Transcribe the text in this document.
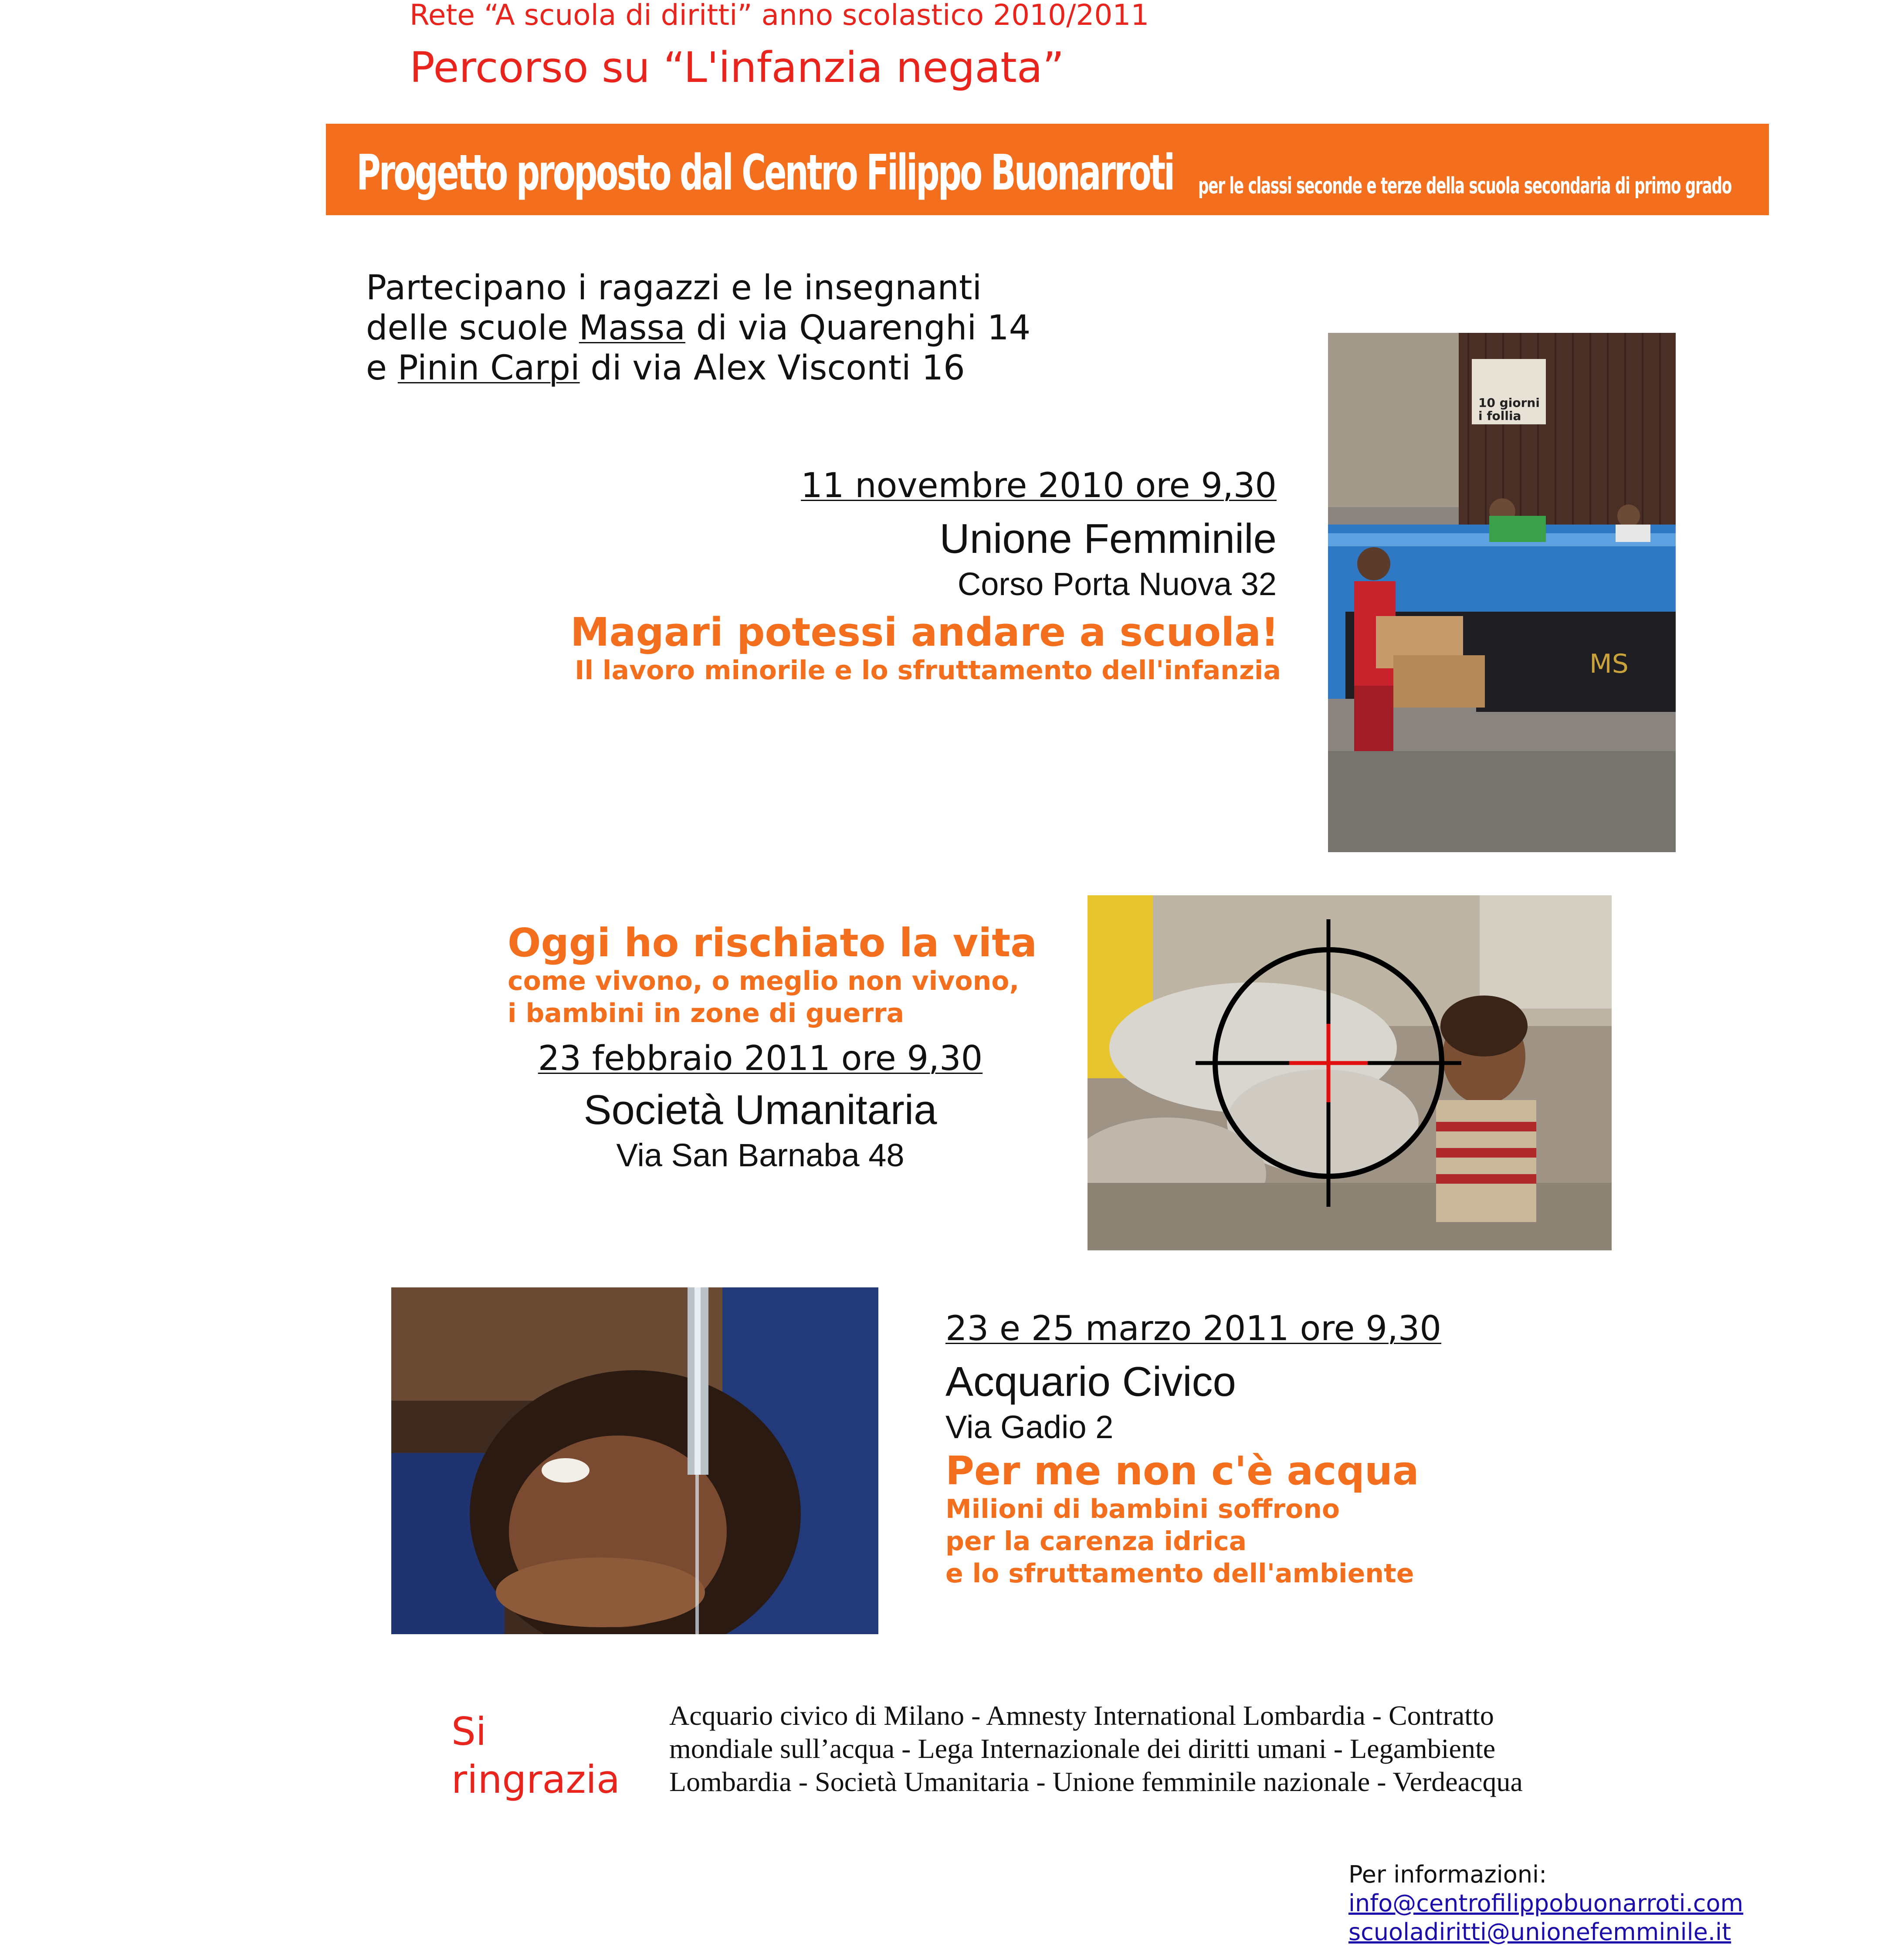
Rete “A scuola di diritti” anno scolastico 2010/2011
Percorso su “L'infanzia negata”
Progetto proposto dal Centro Filippo Buonarroti per le classi seconde e terze della scuola secondaria di primo grado
Partecipano i ragazzi e le insegnanti
delle scuole Massa di via Quarenghi 14
e Pinin Carpi di via Alex Visconti 16
11 novembre 2010 ore 9,30
Unione Femminile
Corso Porta Nuova 32
Magari potessi andare a scuola!
Il lavoro minorile e lo sfruttamento dell'infanzia
10 giorni
i follia
MS
Oggi ho rischiato la vita
come vivono, o meglio non vivono,
i bambini in zone di guerra
23 febbraio 2011 ore 9,30
Società Umanitaria
Via San Barnaba 48
23 e 25 marzo 2011 ore 9,30
Acquario Civico
Via Gadio 2
Per me non c'è acqua
Milioni di bambini soffrono
per la carenza idrica
e lo sfruttamento dell'ambiente
Si
ringrazia
Acquario civico di Milano - Amnesty International Lombardia - Contratto
mondiale sull’acqua - Lega Internazionale dei diritti umani - Legambiente
Lombardia - Società Umanitaria - Unione femminile nazionale - Verdeacqua
Per informazioni:
info@centrofilippobuonarroti.com
scuoladiritti@unionefemminile.it
